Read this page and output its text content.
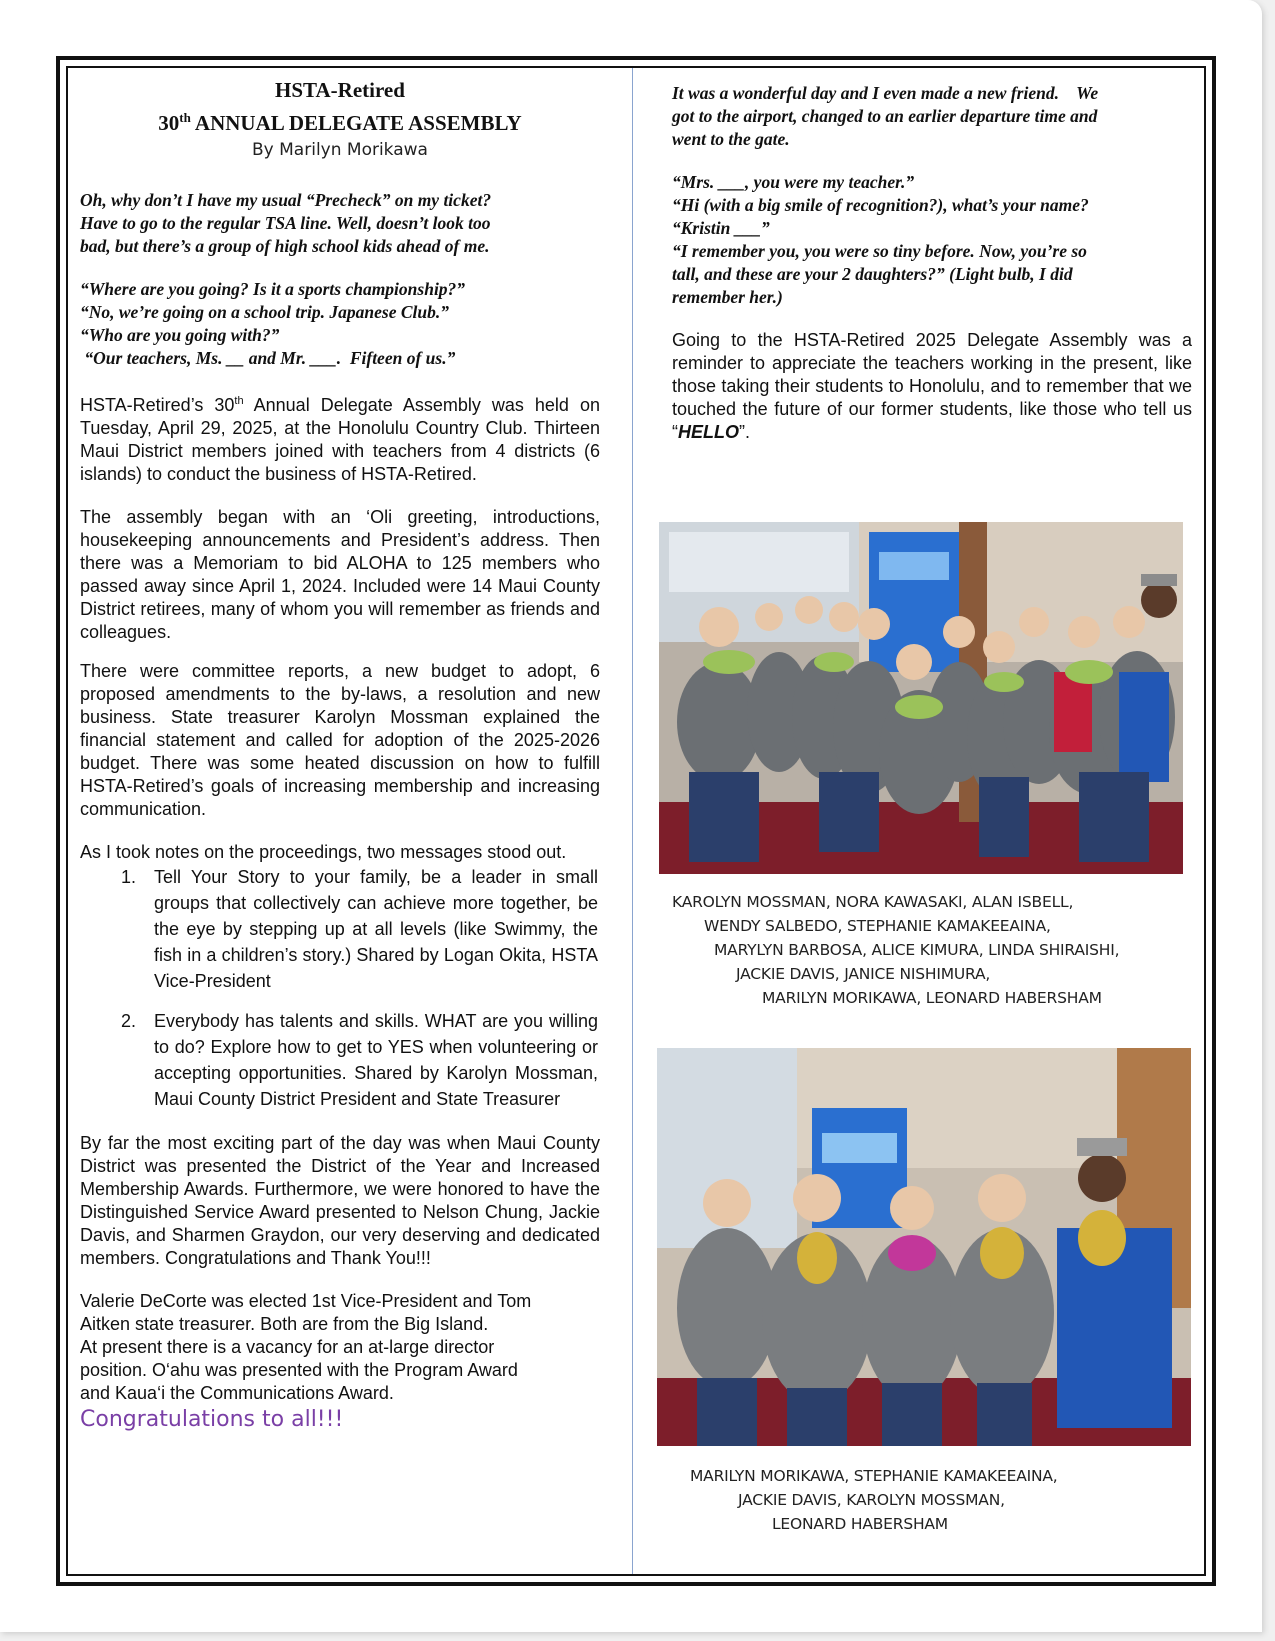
HSTA-Retired
30th ANNUAL DELEGATE ASSEMBLY
By Marilyn Morikawa

Oh, why don’t I have my usual “Precheck” on my ticket?

Have to go to the regular TSA line. Well, doesn’t look too

bad, but there’s a group of high school kids ahead of me.

“Where are you going? Is it a sports championship?”

“No, we’re going on a school trip. Japanese Club.”

“Who are you going with?”

“Our teachers, Ms. __ and Mr. ___.  Fifteen of us.”

HSTA-Retired’s 30th Annual Delegate Assembly was held on Tuesday, April 29, 2025, at the Honolulu Country Club. Thirteen Maui District members joined with teachers from 4 districts (6 islands) to conduct the business of HSTA-Retired.

The assembly began with an ‘Oli greeting, introductions, housekeeping announcements and President’s address. Then there was a Memoriam to bid ALOHA to 125 members who passed away since April 1, 2024. Included were 14 Maui County District retirees, many of whom you will remember as friends and colleagues.

There were committee reports, a new budget to adopt, 6 proposed amendments to the by-laws, a resolution and new business. State treasurer Karolyn Mossman explained the financial statement and called for adoption of the 2025-2026 budget. There was some heated discussion on how to fulfill HSTA-Retired’s goals of increasing membership and increasing communication.

As I took notes on the proceedings, two messages stood out.

1.	Tell Your Story to your family, be a leader in small groups that collectively can achieve more together, be the eye by stepping up at all levels (like Swimmy, the fish in a children’s story.) Shared by Logan Okita, HSTA Vice-President
2.	Everybody has talents and skills. WHAT are you willing to do? Explore how to get to YES when volunteering or accepting opportunities. Shared by Karolyn Mossman, Maui County District President and State Treasurer

By far the most exciting part of the day was when Maui County District was presented the District of the Year and Increased Membership Awards. Furthermore, we were honored to have the Distinguished Service Award presented to Nelson Chung, Jackie Davis, and Sharmen Graydon, our very deserving and dedicated members. Congratulations and Thank You!!!

Valerie DeCorte was elected 1st Vice-President and Tom
Aitken state treasurer. Both are from the Big Island.
At present there is a vacancy for an at-large director
position. O‘ahu was presented with the Program Award
and Kaua‘i the Communications Award.

Congratulations to all!!!

It was a wonderful day and I even made a new friend.    We

got to the airport, changed to an earlier departure time and

went to the gate.

“Mrs. ___, you were my teacher.”

“Hi (with a big smile of recognition?), what’s your name?

“Kristin ___”

“I remember you, you were so tiny before. Now, you’re so

tall, and these are your 2 daughters?” (Light bulb, I did

remember her.)

Going to the HSTA-Retired 2025 Delegate Assembly was a reminder to appreciate the teachers working in the present, like those taking their students to Honolulu, and to remember that we touched the future of our former students, like those who tell us “HELLO”.

KAROLYN MOSSMAN, NORA KAWASAKI, ALAN ISBELL,
WENDY SALBEDO, STEPHANIE KAMAKEEAINA,
MARYLYN BARBOSA, ALICE KIMURA, LINDA SHIRAISHI,
JACKIE DAVIS, JANICE NISHIMURA,
MARILYN MORIKAWA, LEONARD HABERSHAM
MARILYN MORIKAWA, STEPHANIE KAMAKEEAINA,
JACKIE DAVIS, KAROLYN MOSSMAN,
LEONARD HABERSHAM
